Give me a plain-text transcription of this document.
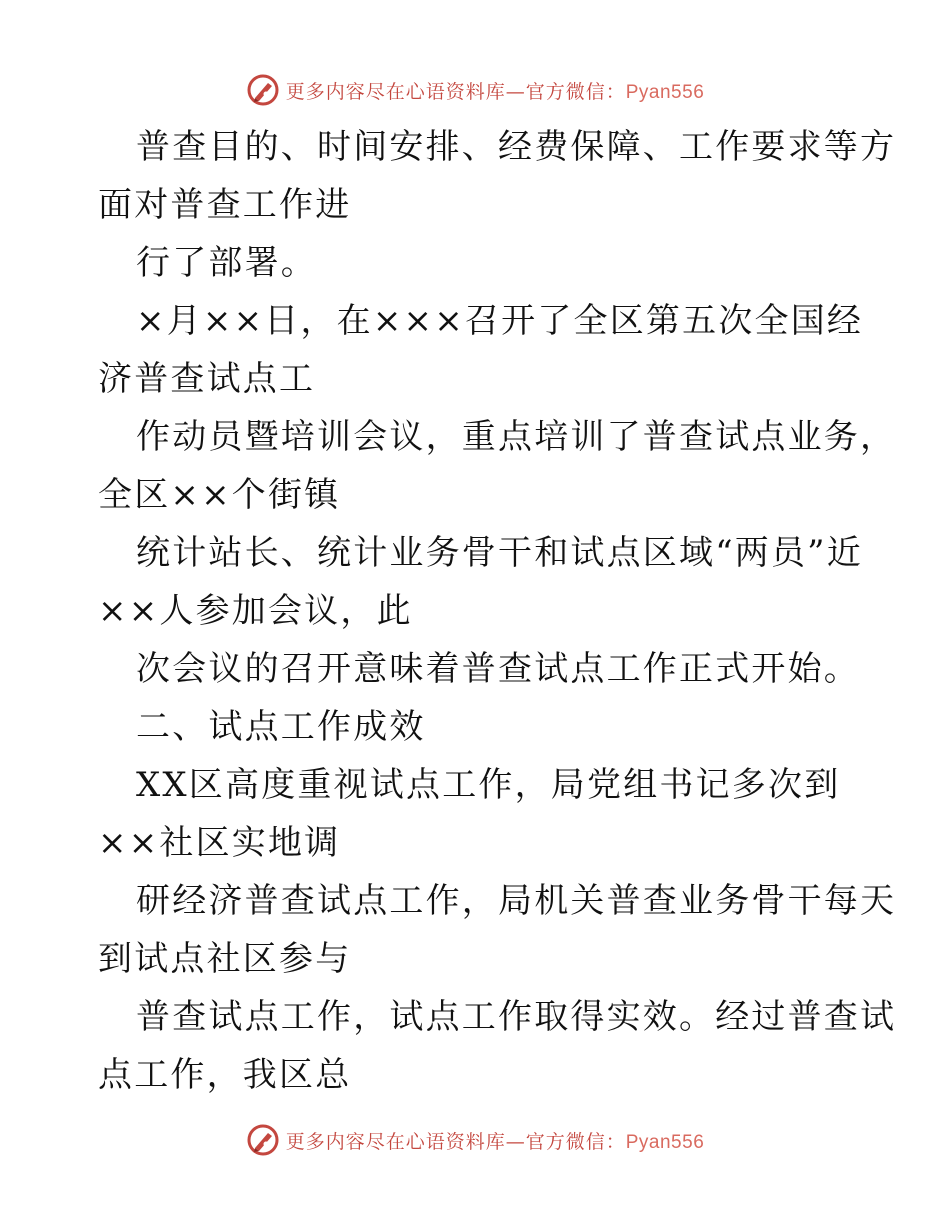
更多内容尽在心语资料库—官方微信：Pyan556
普查目的、时间安排、经费保障、工作要求等方
面对普查工作进
行了部署。
×月××日，在×××召开了全区第五次全国经
济普查试点工
作动员暨培训会议，重点培训了普查试点业务，
全区××个街镇
统计站长、统计业务骨干和试点区域“两员”近
××人参加会议，此
次会议的召开意味着普查试点工作正式开始。
二、试点工作成效
XX区高度重视试点工作，局党组书记多次到
××社区实地调
研经济普查试点工作，局机关普查业务骨干每天
到试点社区参与
普查试点工作，试点工作取得实效。经过普查试
点工作，我区总
更多内容尽在心语资料库—官方微信：Pyan556
